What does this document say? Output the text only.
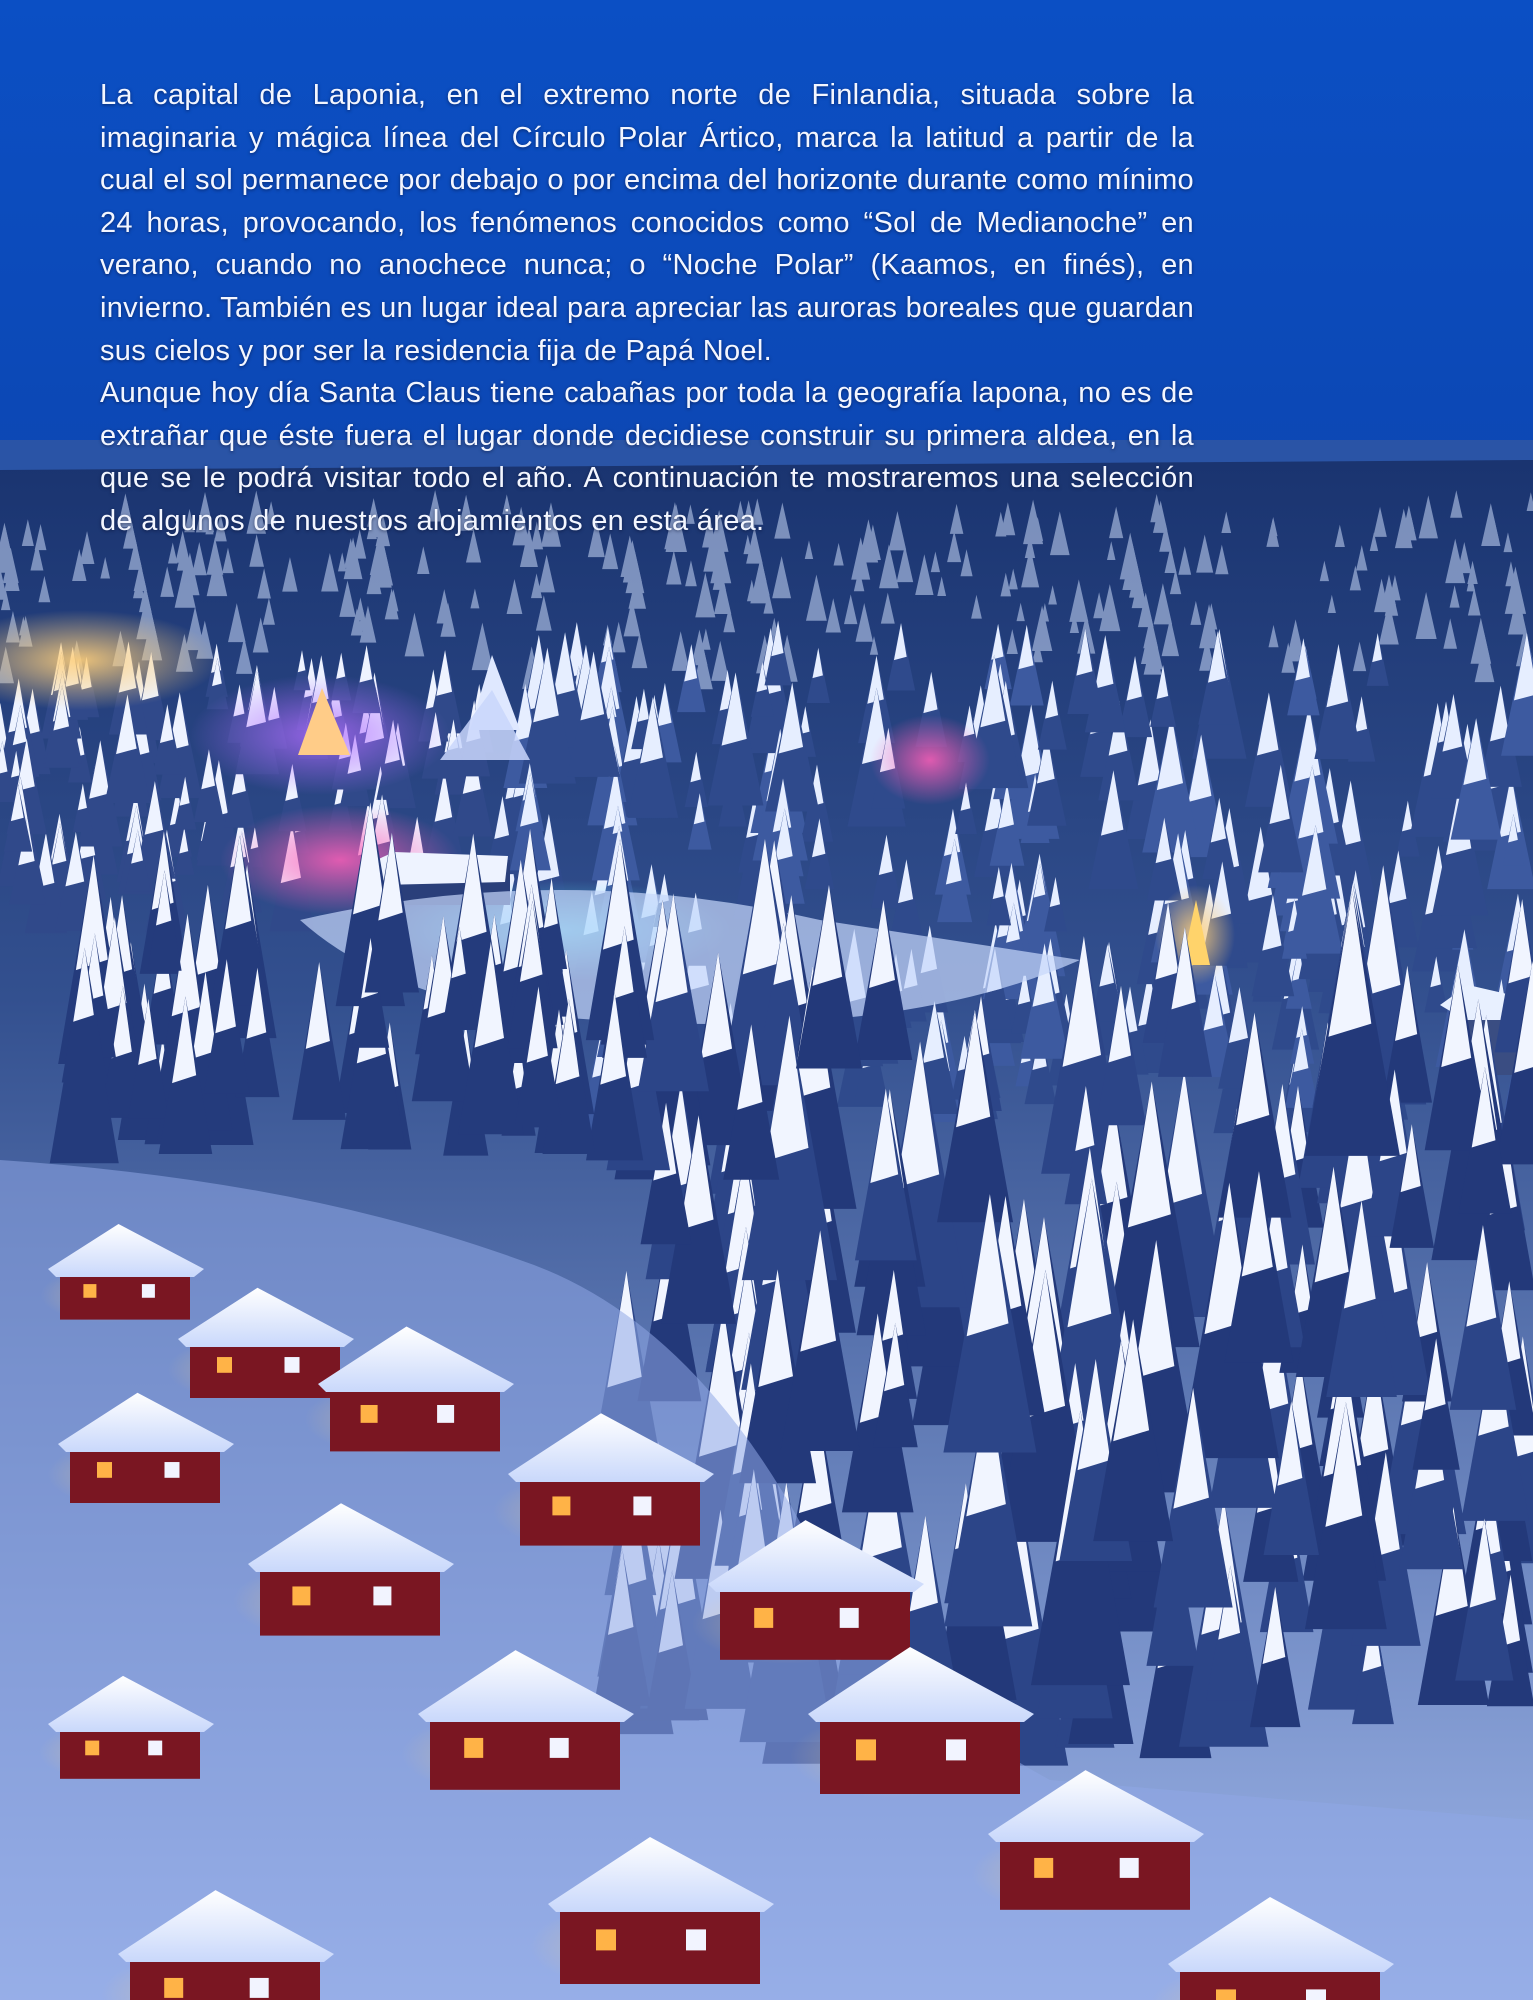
La capital de Laponia, en el extremo norte de Finlandia, situada sobre la imaginaria y mágica línea del Círculo Polar Ártico, marca la latitud a partir de la cual el sol permanece por debajo o por encima del horizonte durante como mínimo 24 horas, provocando, los fenómenos conocidos como “Sol de Medianoche” en verano, cuando no anochece nunca; o “Noche Polar” (Kaamos, en finés), en invierno. También es un lugar ideal para apreciar las auroras boreales que guardan sus cielos y por ser la residencia fija de Papá Noel.

Aunque hoy día Santa Claus tiene cabañas por toda la geografía lapona, no es de extrañar que éste fuera el lugar donde decidiese construir su primera aldea, en la que se le podrá visitar todo el año. A continuación te mostraremos una selección de algunos de nuestros alojamientos en esta área.
